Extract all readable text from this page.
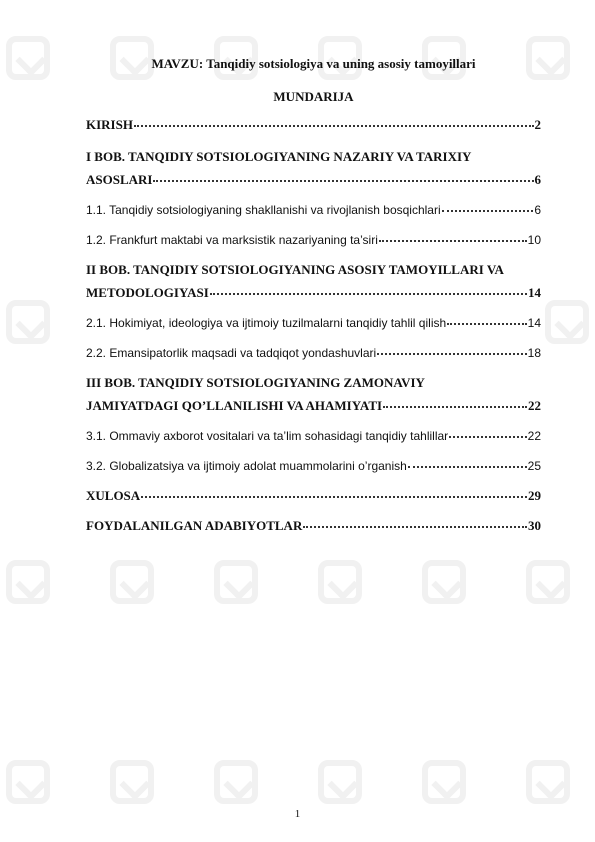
MAVZU: Tanqidiy sotsiologiya va uning asosiy tamoyillari
MUNDARIJA
KIRISH	2
I BOB. TANQIDIY SOTSIOLOGIYANING NAZARIY VA TARIXIY
ASOSLARI	6
1.1. Tanqidiy sotsiologiyaning shakllanishi va rivojlanish bosqichlari	6
1.2. Frankfurt maktabi va marksistik nazariyaning ta’siri	10
II BOB. TANQIDIY SOTSIOLOGIYANING ASOSIY TAMOYILLARI VA
METODOLOGIYASI	14
2.1. Hokimiyat, ideologiya va ijtimoiy tuzilmalarni tanqidiy tahlil qilish	14
2.2. Emansipatorlik maqsadi va tadqiqot yondashuvlari	18
III BOB. TANQIDIY SOTSIOLOGIYANING ZAMONAVIY
JAMIYATDAGI QO’LLANILISHI VA AHAMIYATI	22
3.1. Ommaviy axborot vositalari va ta’lim sohasidagi tanqidiy tahlillar	22
3.2. Globalizatsiya va ijtimoiy adolat muammolarini o’rganish	25
XULOSA	29
FOYDALANILGAN ADABIYOTLAR	30
1
